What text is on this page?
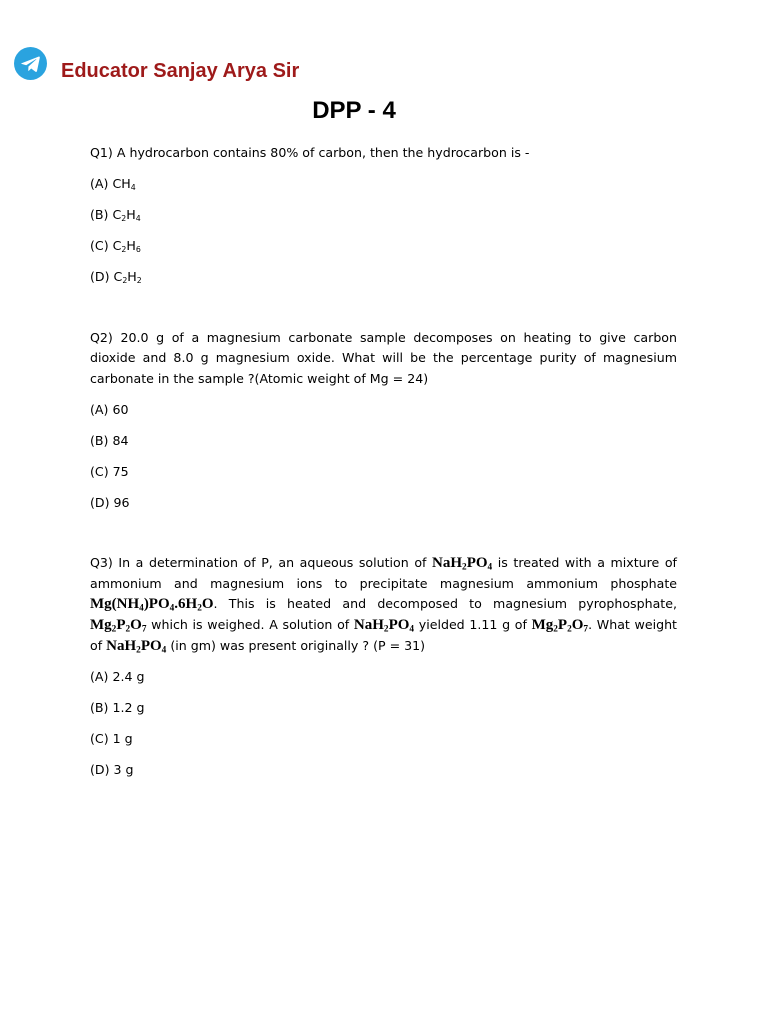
Educator Sanjay Arya Sir
DPP - 4

Q1) A hydrocarbon contains 80% of carbon, then the hydrocarbon is -

(A) $CH_4$

(B) $C_2H_4$

(C) $C_2H_6$

(D) $C_2H_2$

Q2) 20.0 g of a magnesium carbonate sample decomposes on heating to give carbon dioxide and 8.0 g magnesium oxide. What will be the percentage purity of magnesium carbonate in the sample ?(Atomic weight of Mg = 24)

(A) 60

(B) 84

(C) 75

(D) 96

Q3) In a determination of P, an aqueous solution of $NaH_2PO_4$ is treated with a mixture of ammonium and magnesium ions to precipitate magnesium ammonium phosphate $Mg(NH_4)PO_4.6H_2O$. This is heated and decomposed to magnesium pyrophosphate, $Mg_2P_2O_7$ which is weighed. A solution of $NaH_2PO_4$ yielded 1.11 g of $Mg_2P_2O_7$. What weight of $NaH_2PO_4$ (in gm) was present originally ? (P = 31)

(A) 2.4 g

(B) 1.2 g

(C) 1 g

(D) 3 g
